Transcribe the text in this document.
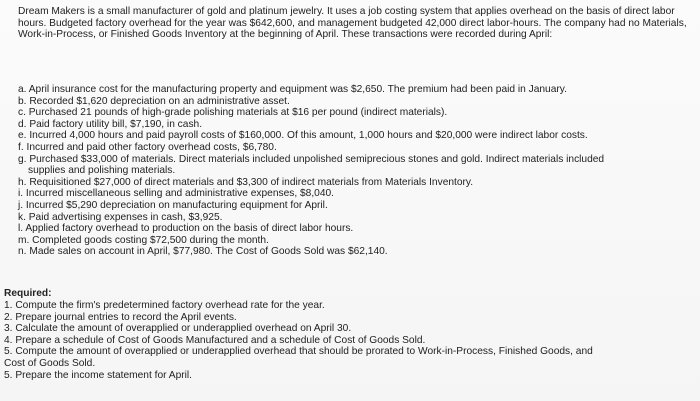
Dream Makers is a small manufacturer of gold and platinum jewelry. It uses a job costing system that applies overhead on the basis of direct labor hours. Budgeted factory overhead for the year was $642,600, and management budgeted 42,000 direct labor-hours. The company had no Materials, Work-in-Process, or Finished Goods Inventory at the beginning of April. These transactions were recorded during April:

a. April insurance cost for the manufacturing property and equipment was $2,650. The premium had been paid in January.
b. Recorded $1,620 depreciation on an administrative asset.
c. Purchased 21 pounds of high-grade polishing materials at $16 per pound (indirect materials).
d. Paid factory utility bill, $7,190, in cash.
e. Incurred 4,000 hours and paid payroll costs of $160,000. Of this amount, 1,000 hours and $20,000 were indirect labor costs.
f. Incurred and paid other factory overhead costs, $6,780.
g. Purchased $33,000 of materials. Direct materials included unpolished semiprecious stones and gold. Indirect materials included
supplies and polishing materials.
h. Requisitioned $27,000 of direct materials and $3,300 of indirect materials from Materials Inventory.
i. Incurred miscellaneous selling and administrative expenses, $8,040.
j. Incurred $5,290 depreciation on manufacturing equipment for April.
k. Paid advertising expenses in cash, $3,925.
l. Applied factory overhead to production on the basis of direct labor hours.
m. Completed goods costing $72,500 during the month.
n. Made sales on account in April, $77,980. The Cost of Goods Sold was $62,140.

Required:

1. Compute the firm's predetermined factory overhead rate for the year.
2. Prepare journal entries to record the April events.
3. Calculate the amount of overapplied or underapplied overhead on April 30.
4. Prepare a schedule of Cost of Goods Manufactured and a schedule of Cost of Goods Sold.
5. Compute the amount of overapplied or underapplied overhead that should be prorated to Work-in-Process, Finished Goods, and
Cost of Goods Sold.
5. Prepare the income statement for April.
